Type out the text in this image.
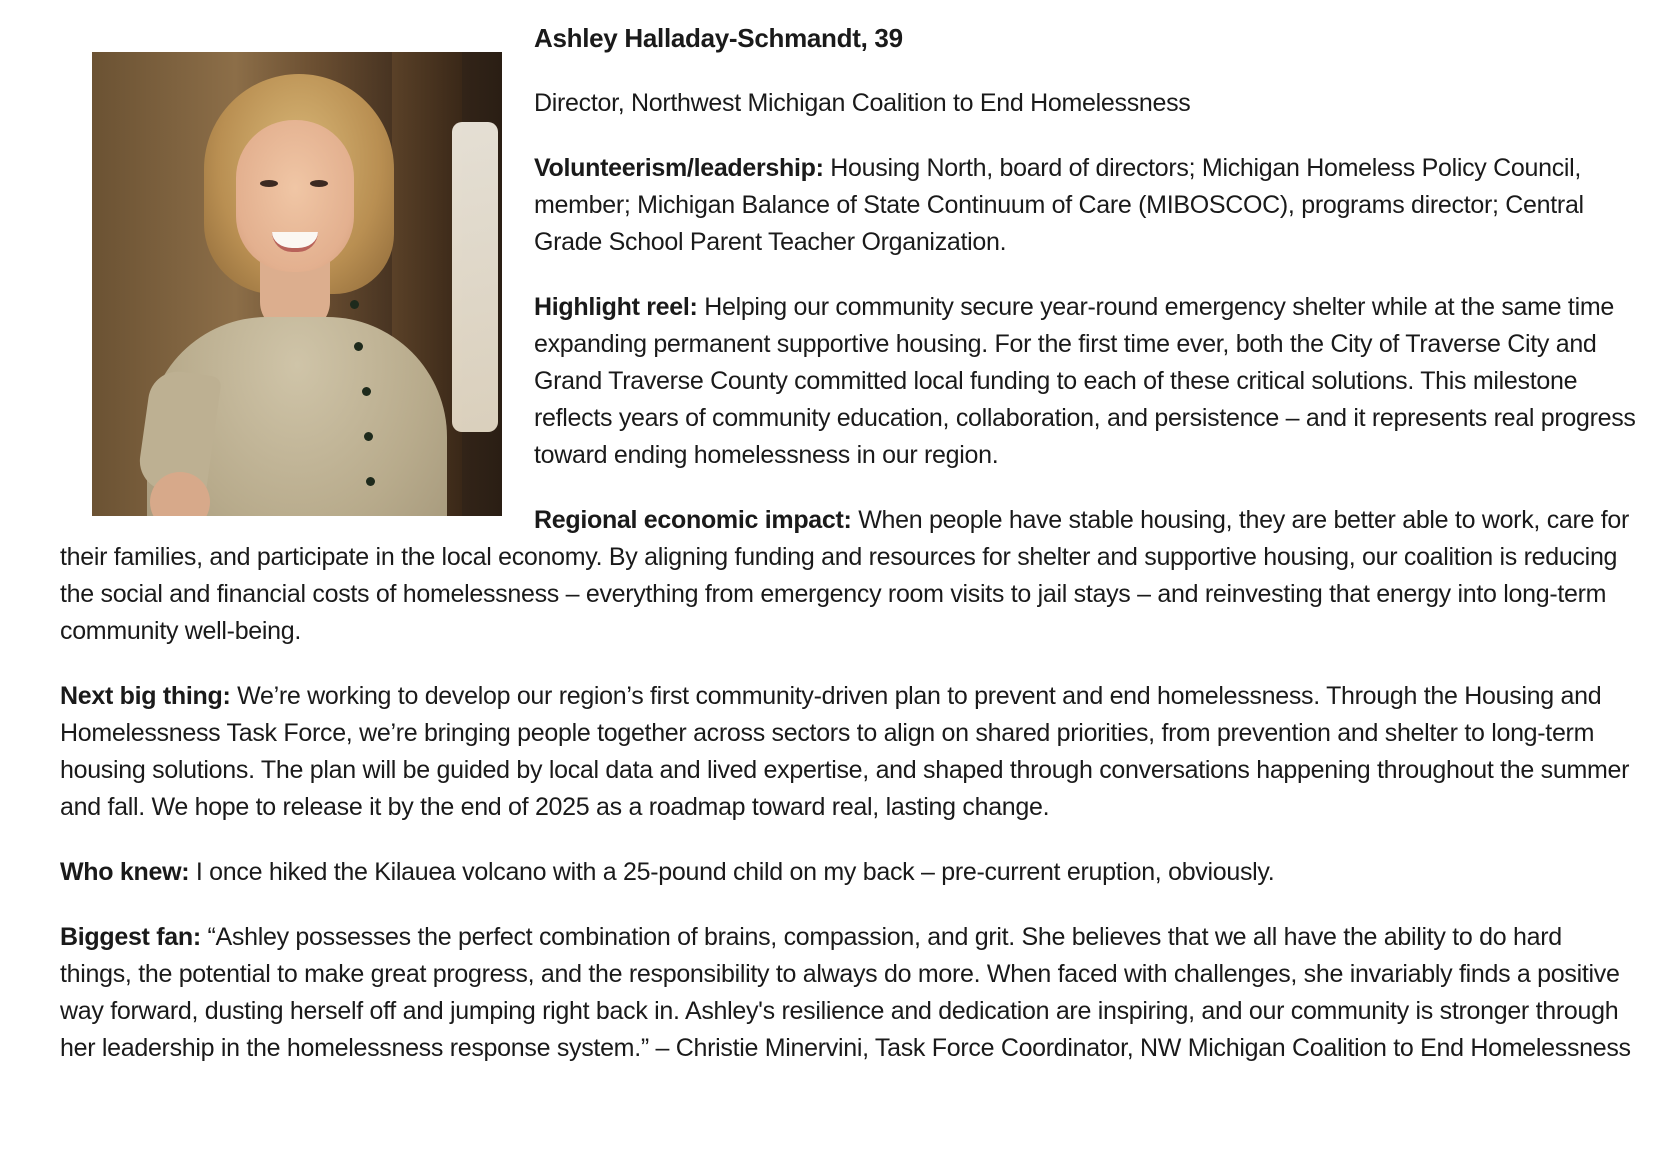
Ashley Halladay-Schmandt, 39
Director, Northwest Michigan Coalition to End Homelessness

Volunteerism/leadership: Housing North, board of directors; Michigan Homeless Policy Council, member; Michigan Balance of State Continuum of Care (MIBOSCOC), programs director; Central Grade School Parent Teacher Organization.

Highlight reel: Helping our community secure year-round emergency shelter while at the same time expanding permanent supportive housing. For the first time ever, both the City of Traverse City and Grand Traverse County committed local funding to each of these critical solutions. This milestone reflects years of community education, collaboration, and persistence – and it represents real progress toward ending homelessness in our region.

Regional economic impact: When people have stable housing, they are better able to work, care for their families, and participate in the local economy. By aligning funding and resources for shelter and supportive housing, our coalition is reducing the social and financial costs of homelessness – everything from emergency room visits to jail stays – and reinvesting that energy into long-term community well-being.

Next big thing: We’re working to develop our region’s first community-driven plan to prevent and end homelessness. Through the Housing and Homelessness Task Force, we’re bringing people together across sectors to align on shared priorities, from prevention and shelter to long-term housing solutions. The plan will be guided by local data and lived expertise, and shaped through conversations happening throughout the summer and fall. We hope to release it by the end of 2025 as a roadmap toward real, lasting change.

Who knew: I once hiked the Kilauea volcano with a 25-pound child on my back – pre-current eruption, obviously.

Biggest fan: “Ashley possesses the perfect combination of brains, compassion, and grit. She believes that we all have the ability to do hard things, the potential to make great progress, and the responsibility to always do more. When faced with challenges, she invariably finds a positive way forward, dusting herself off and jumping right back in. Ashley's resilience and dedication are inspiring, and our community is stronger through her leadership in the homelessness response system.” – Christie Minervini, Task Force Coordinator, NW Michigan Coalition to End Homelessness
